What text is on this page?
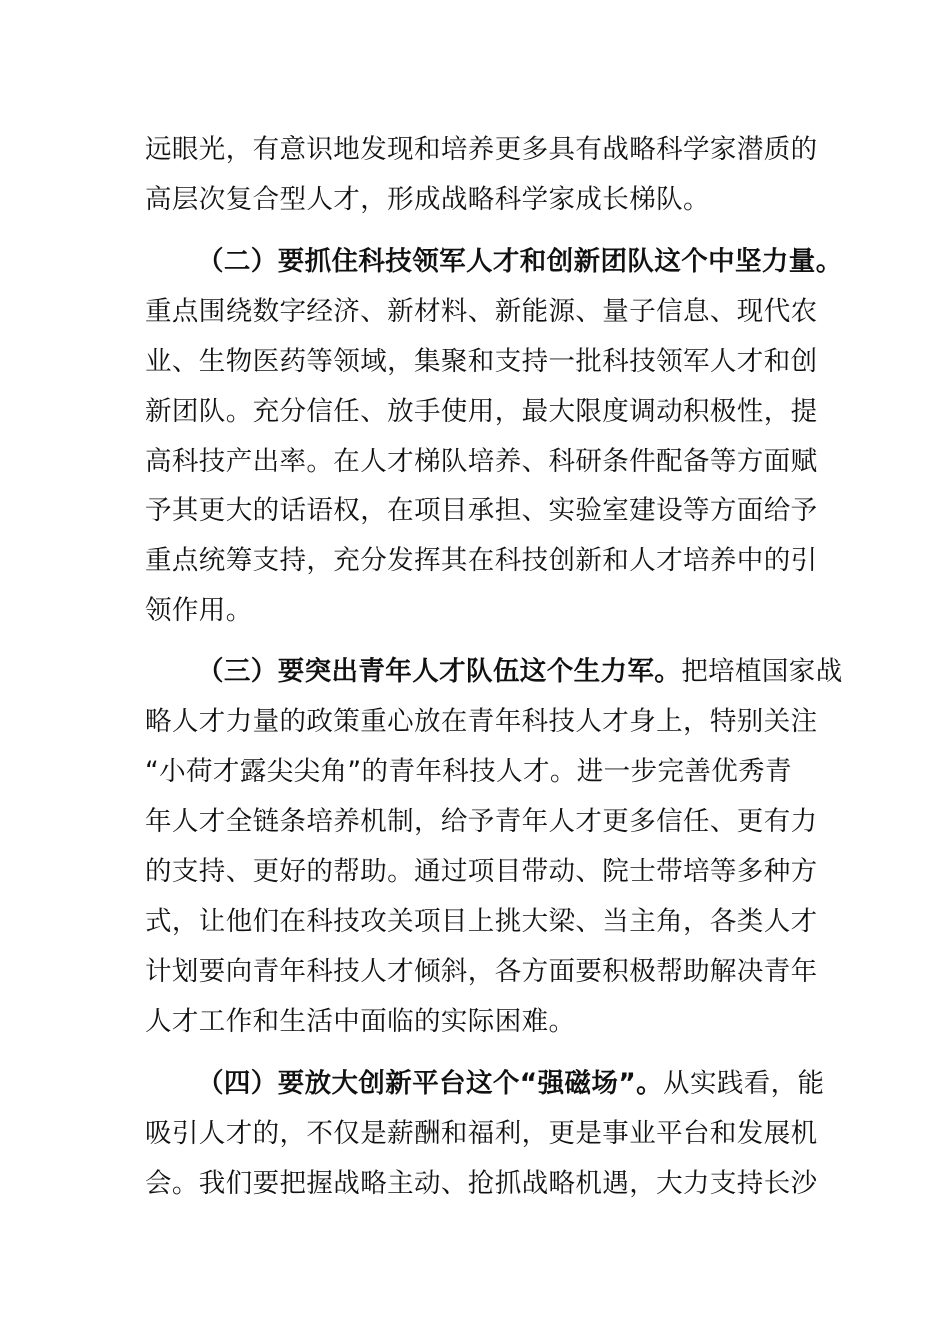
远眼光，有意识地发现和培养更多具有战略科学家潜质的
高层次复合型人才，形成战略科学家成长梯队。
（二）要抓住科技领军人才和创新团队这个中坚力量。
重点围绕数字经济、新材料、新能源、量子信息、现代农
业、生物医药等领域，集聚和支持一批科技领军人才和创
新团队。充分信任、放手使用，最大限度调动积极性，提
高科技产出率。在人才梯队培养、科研条件配备等方面赋
予其更大的话语权，在项目承担、实验室建设等方面给予
重点统筹支持，充分发挥其在科技创新和人才培养中的引
领作用。
（三）要突出青年人才队伍这个生力军。把培植国家战
略人才力量的政策重心放在青年科技人才身上，特别关注
“小荷才露尖尖角”的青年科技人才。进一步完善优秀青
年人才全链条培养机制，给予青年人才更多信任、更有力
的支持、更好的帮助。通过项目带动、院士带培等多种方
式，让他们在科技攻关项目上挑大梁、当主角，各类人才
计划要向青年科技人才倾斜，各方面要积极帮助解决青年
人才工作和生活中面临的实际困难。
（四）要放大创新平台这个“强磁场”。从实践看，能
吸引人才的，不仅是薪酬和福利，更是事业平台和发展机
会。我们要把握战略主动、抢抓战略机遇，大力支持长沙
